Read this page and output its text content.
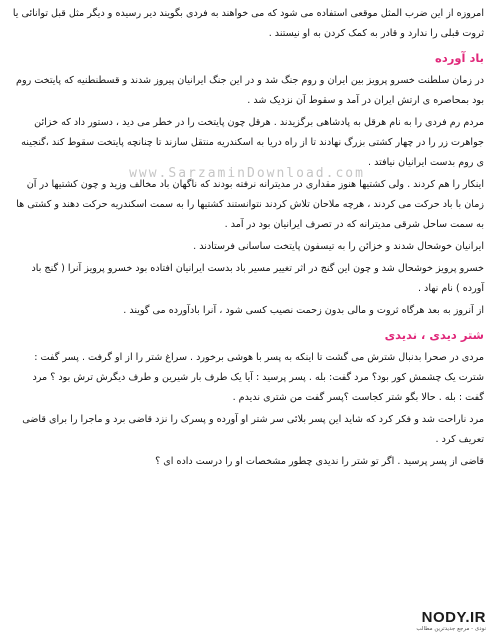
امروزه از این ضرب المثل موقعی استفاده می شود که می خواهند به فردی بگویند دیر رسیده و دیگر مثل قبل توانائی یا ثروت قبلی را ندارد و قادر به کمک کردن به او نیستند .

باد آورده

در زمان سلطنت خسرو پرویز بین ایران و روم جنگ شد و در این جنگ ایرانیان پیروز شدند و قسطنطنیه که پایتخت روم بود بمحاصره ی ارتش ایران در آمد و سقوط آن نزدیک شد .

مردم رم فردی را به نام هرقل به پادشاهی برگزیدند . هرقل چون پایتخت را در خطر می دید ، دستور داد که خزائن جواهرت زر را در چهار کشتی بزرگ نهادند تا از راه دریا به اسکندریه منتقل سازند تا چنانچه پایتخت سقوط کند ،گنجینه ی روم بدست ایرانیان نیافتد .

اینکار را هم کردند . ولی کشتیها هنوز مقداری در مدیترانه نرفته بودند که ناگهان باد مخالف وزید و چون کشتیها در آن زمان با باد حرکت می کردند ، هرچه ملاحان تلاش کردند نتوانستند کشتیها را به سمت اسکندریه حرکت دهند و کشتی ها به سمت ساحل شرقی مدیترانه که در تصرف ایرانیان بود در آمد .

ایرانیان خوشحال شدند و خزائن را به تیسفون پایتخت ساسانی فرستادند .

خسرو پرویز خوشحال شد و چون این گنج در اثر تغییر مسیر باد بدست ایرانیان افتاده بود خسرو پرویز آنرا ( گنج باد آورده ) نام نهاد .

از آنروز به بعد هرگاه ثروت و مالی بدون زحمت نصیب کسی شود ، آنرا بادآورده می گویند .

شتر دیدی ، ندیدی

مردی در صحرا بدنبال شترش می گشت تا اینکه به پسر با هوشی برخورد . سراغ شتر را از او گرفت . پسر گفت : شترت یک چشمش کور بود؟ مرد گفت: بله . پسر پرسید : آیا یک طرف بار شیرین و طرف دیگرش ترش بود ؟ مرد گفت : بله . حالا بگو شتر کجاست ؟پسر گفت من شتری ندیدم .

مرد ناراحت شد و فکر کرد که شاید این پسر بلائی سر شتر او آورده و پسرک را نزد قاضی برد و ماجرا را برای قاضی تعریف کرد .

قاضی از پسر پرسید . اگر تو شتر را ندیدی چطور مشخصات او را درست داده ای ؟

www.SarzaminDownload.com
NODY.IR
نودی - مرجع جدیدترین مطالب
